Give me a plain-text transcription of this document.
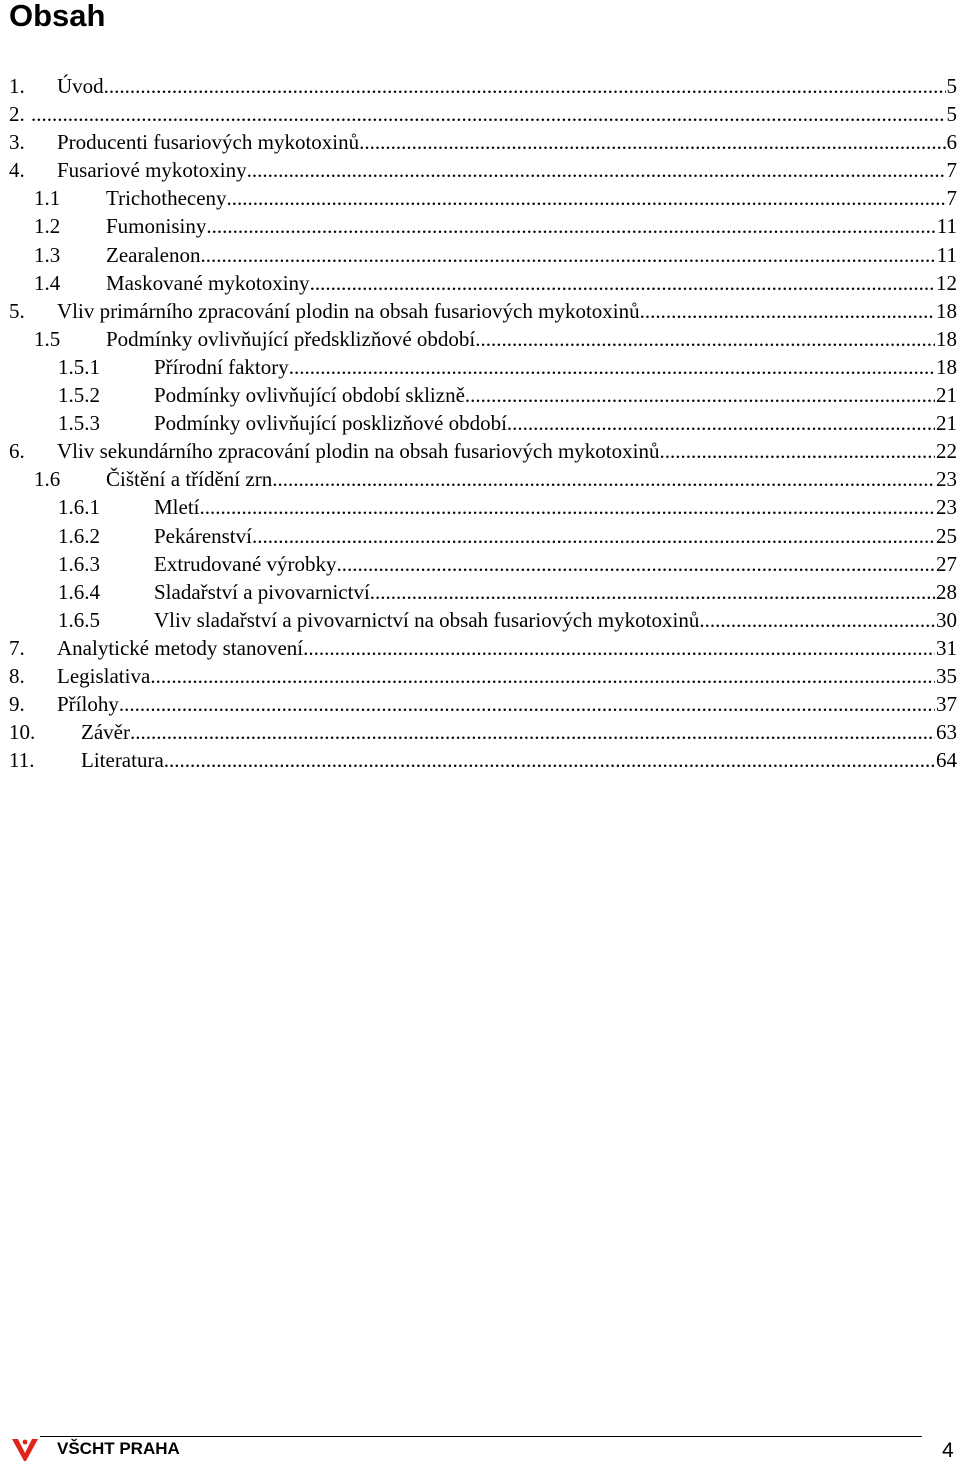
Obsah
1. Úvod .....	5
2. .....	5
3. Producenti fusariových mykotoxinů .....	6
4. Fusariové mykotoxiny .....	7
1.1 Trichotheceny .....	7
1.2 Fumonisiny .....	11
1.3 Zearalenon .....	11
1.4 Maskované mykotoxiny .....	12
5. Vliv primárního zpracování plodin na obsah fusariových mykotoxinů .....	18
1.5 Podmínky ovlivňující předsklizňové období .....	18
1.5.1	Přírodní faktory .....	18
1.5.2	Podmínky ovlivňující období sklizně .....	21
1.5.3	Podmínky ovlivňující posklizňové období .....	21
6. Vliv sekundárního zpracování plodin na obsah fusariových mykotoxinů .....	22
1.6 Čištění a třídění zrn .....	23
1.6.1	Mletí .....	23
1.6.2	Pekárenství .....	25
1.6.3	Extrudované výrobky .....	27
1.6.4	Sladařství a pivovarnictví .....	28
1.6.5	Vliv sladařství a pivovarnictví na obsah fusariových mykotoxinů .....	30
7. Analytické metody stanovení .....	31
8. Legislativa .....	35
9. Přílohy .....	37
10. Závěr .....	63
11. Literatura .....	64
VŠCHT PRAHA	4
